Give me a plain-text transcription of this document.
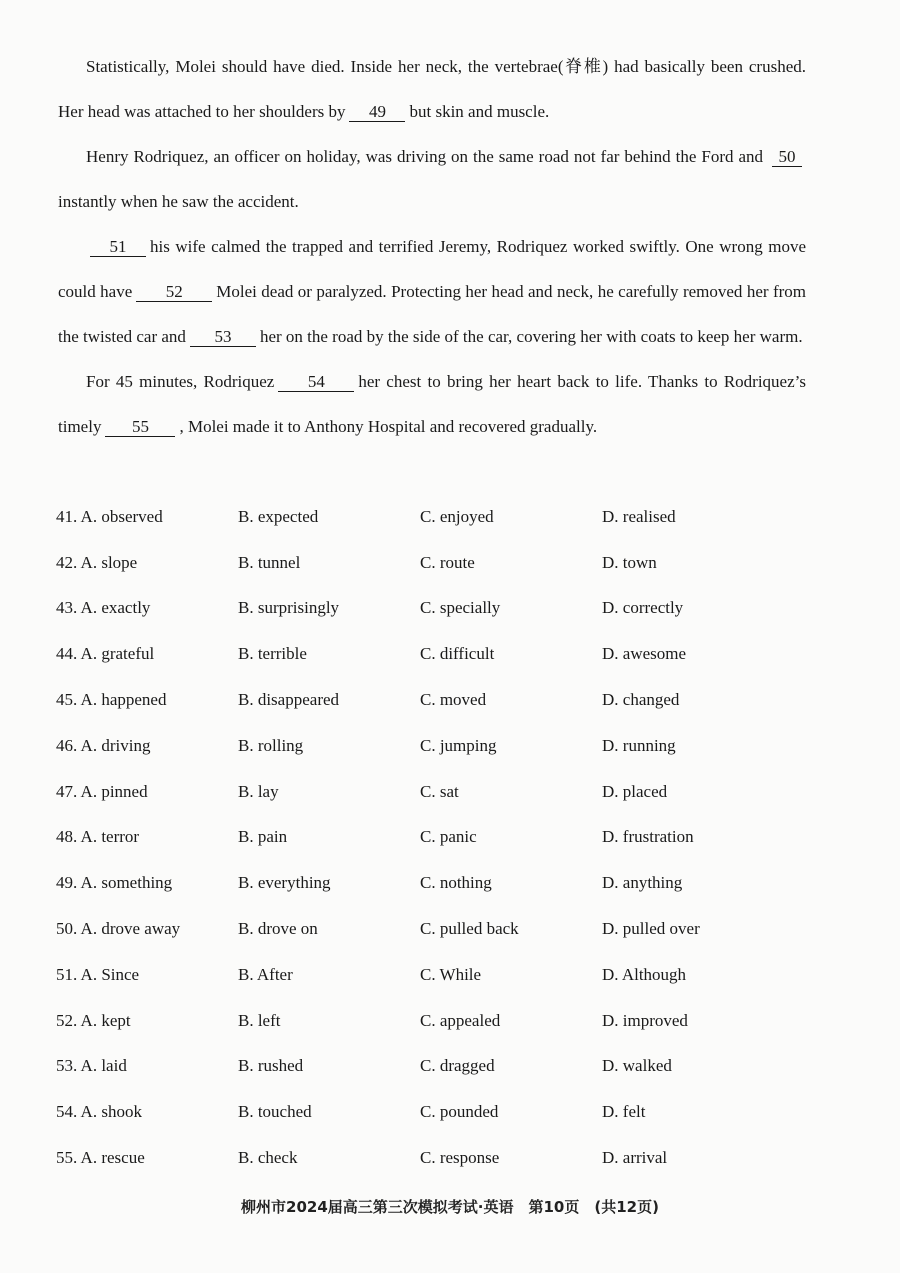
Statistically, Molei should have died. Inside her neck, the vertebrae(脊椎) had basically been crushed. Her head was attached to her shoulders by 49 but skin and muscle.

Henry Rodriquez, an officer on holiday, was driving on the same road not far behind the Ford and 50instantly when he saw the accident.

51 his wife calmed the trapped and terrified Jeremy, Rodriquez worked swiftly. One wrong move could have 52 Molei dead or paralyzed. Protecting her head and neck, he carefully removed her from the twisted car and 53 her on the road by the side of the car, covering her with coats to keep her warm.

For 45 minutes, Rodriquez 54 her chest to bring her heart back to life. Thanks to Rodriquez’s timely 55 , Molei made it to Anthony Hospital and recovered gradually.

41. A. observed	B. expected	C. enjoyed	D. realised
42. A. slope	B. tunnel	C. route	D. town
43. A. exactly	B. surprisingly	C. specially	D. correctly
44. A. grateful	B. terrible	C. difficult	D. awesome
45. A. happened	B. disappeared	C. moved	D. changed
46. A. driving	B. rolling	C. jumping	D. running
47. A. pinned	B. lay	C. sat	D. placed
48. A. terror	B. pain	C. panic	D. frustration
49. A. something	B. everything	C. nothing	D. anything
50. A. drove away	B. drove on	C. pulled back	D. pulled over
51. A. Since	B. After	C. While	D. Although
52. A. kept	B. left	C. appealed	D. improved
53. A. laid	B. rushed	C. dragged	D. walked
54. A. shook	B. touched	C. pounded	D. felt
55. A. rescue	B. check	C. response	D. arrival
柳州市2024届高三第三次模拟考试·英语　第10页　(共12页)
